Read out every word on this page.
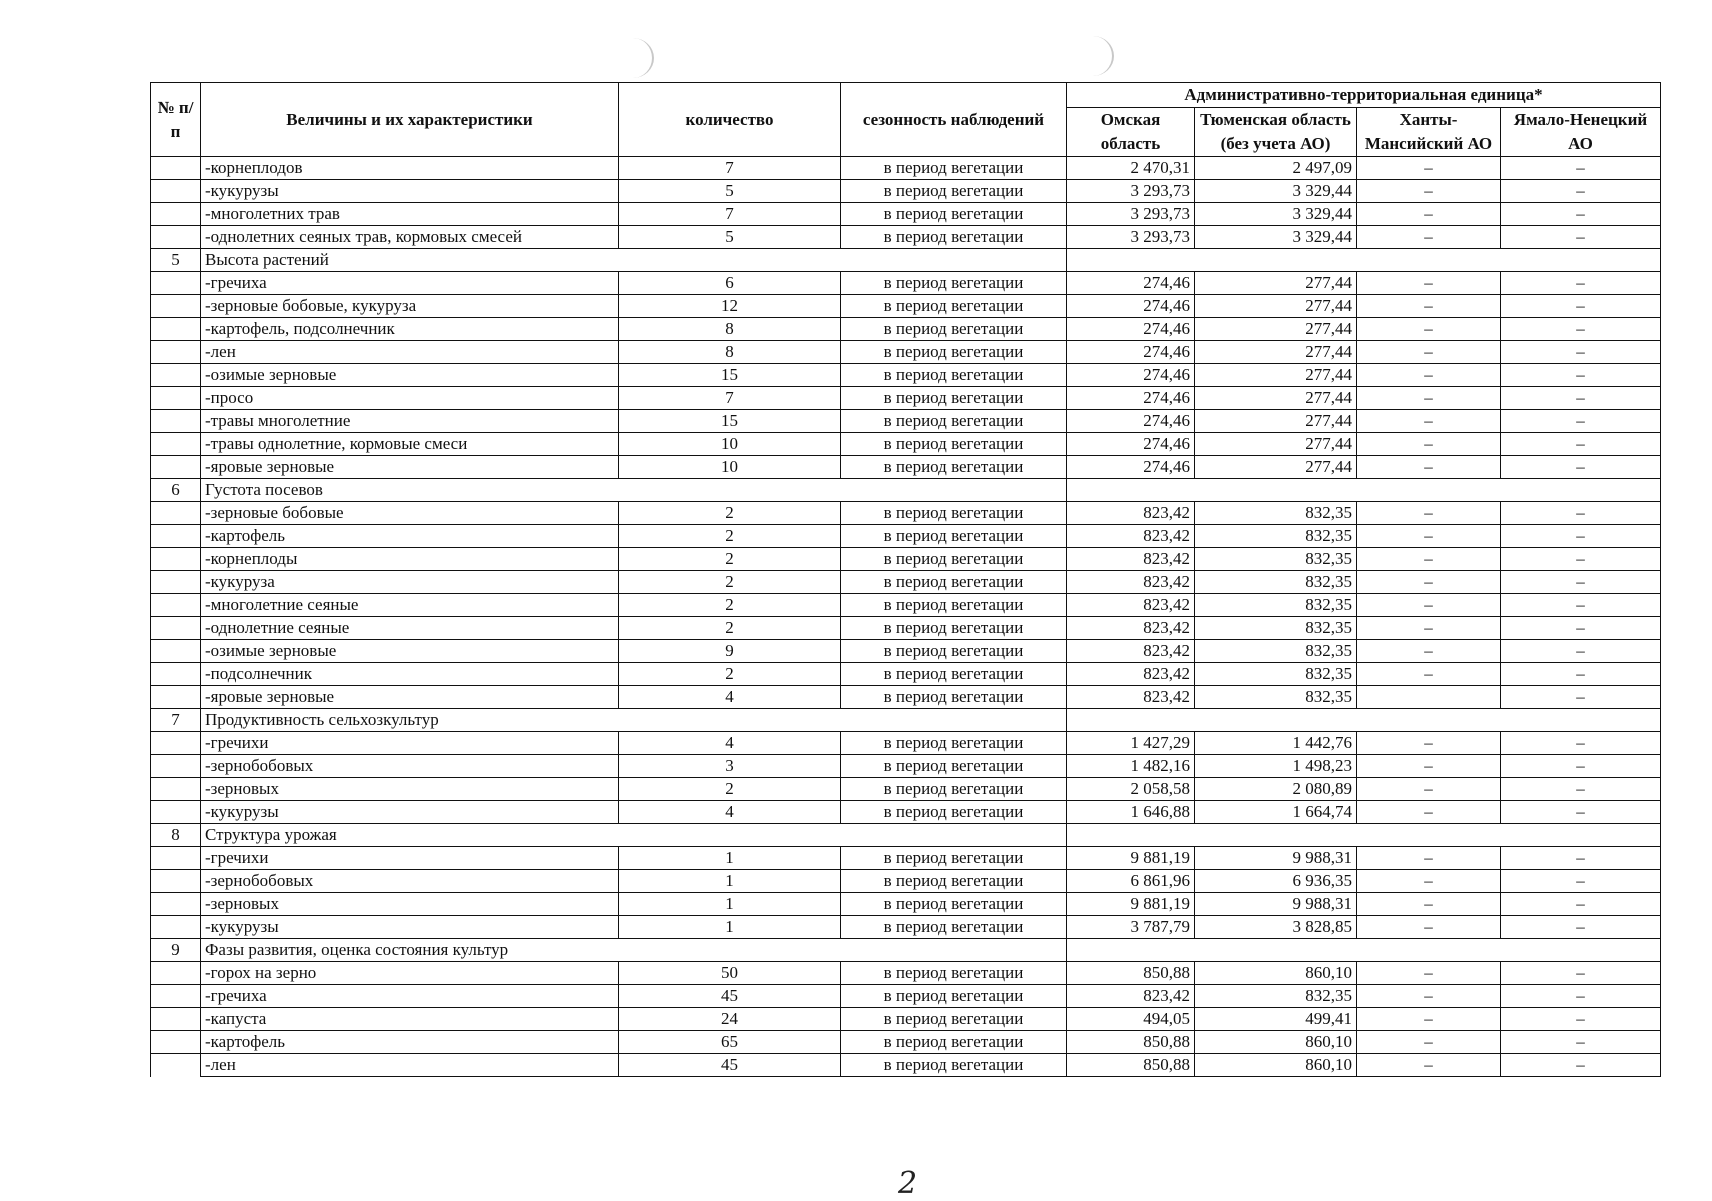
№ п/п	Величины и их характеристики	количество	сезонность наблюдений	Административно-территориальная единица*			
				Омская область	Тюменская область (без учета АО)	Ханты-Мансийский АО	Ямало-Ненецкий АО
	-корнеплодов	7	в период вегетации	2 470,31	2 497,09	–	–
	-кукурузы	5	в период вегетации	3 293,73	3 329,44	–	–
	-многолетних трав	7	в период вегетации	3 293,73	3 329,44	–	–
	-однолетних сеяных трав, кормовых смесей	5	в период вегетации	3 293,73	3 329,44	–	–
5	Высота растений						
	-гречиха	6	в период вегетации	274,46	277,44	–	–
	-зерновые бобовые, кукуруза	12	в период вегетации	274,46	277,44	–	–
	-картофель, подсолнечник	8	в период вегетации	274,46	277,44	–	–
	-лен	8	в период вегетации	274,46	277,44	–	–
	-озимые зерновые	15	в период вегетации	274,46	277,44	–	–
	-просо	7	в период вегетации	274,46	277,44	–	–
	-травы многолетние	15	в период вегетации	274,46	277,44	–	–
	-травы однолетние, кормовые смеси	10	в период вегетации	274,46	277,44	–	–
	-яровые зерновые	10	в период вегетации	274,46	277,44	–	–
6	Густота посевов						
	-зерновые бобовые	2	в период вегетации	823,42	832,35	–	–
	-картофель	2	в период вегетации	823,42	832,35	–	–
	-корнеплоды	2	в период вегетации	823,42	832,35	–	–
	-кукуруза	2	в период вегетации	823,42	832,35	–	–
	-многолетние сеяные	2	в период вегетации	823,42	832,35	–	–
	-однолетние сеяные	2	в период вегетации	823,42	832,35	–	–
	-озимые зерновые	9	в период вегетации	823,42	832,35	–	–
	-подсолнечник	2	в период вегетации	823,42	832,35	–	–
	-яровые зерновые	4	в период вегетации	823,42	832,35		–
7	Продуктивность сельхозкультур						
	-гречихи	4	в период вегетации	1 427,29	1 442,76	–	–
	-зернобобовых	3	в период вегетации	1 482,16	1 498,23	–	–
	-зерновых	2	в период вегетации	2 058,58	2 080,89	–	–
	-кукурузы	4	в период вегетации	1 646,88	1 664,74	–	–
8	Структура урожая						
	-гречихи	1	в период вегетации	9 881,19	9 988,31	–	–
	-зернобобовых	1	в период вегетации	6 861,96	6 936,35	–	–
	-зерновых	1	в период вегетации	9 881,19	9 988,31	–	–
	-кукурузы	1	в период вегетации	3 787,79	3 828,85	–	–
9	Фазы развития, оценка состояния культур						
	-горох на зерно	50	в период вегетации	850,88	860,10	–	–
	-гречиха	45	в период вегетации	823,42	832,35	–	–
	-капуста	24	в период вегетации	494,05	499,41	–	–
	-картофель	65	в период вегетации	850,88	860,10	–	–
	-лен	45	в период вегетации	850,88	860,10	–	–
2
